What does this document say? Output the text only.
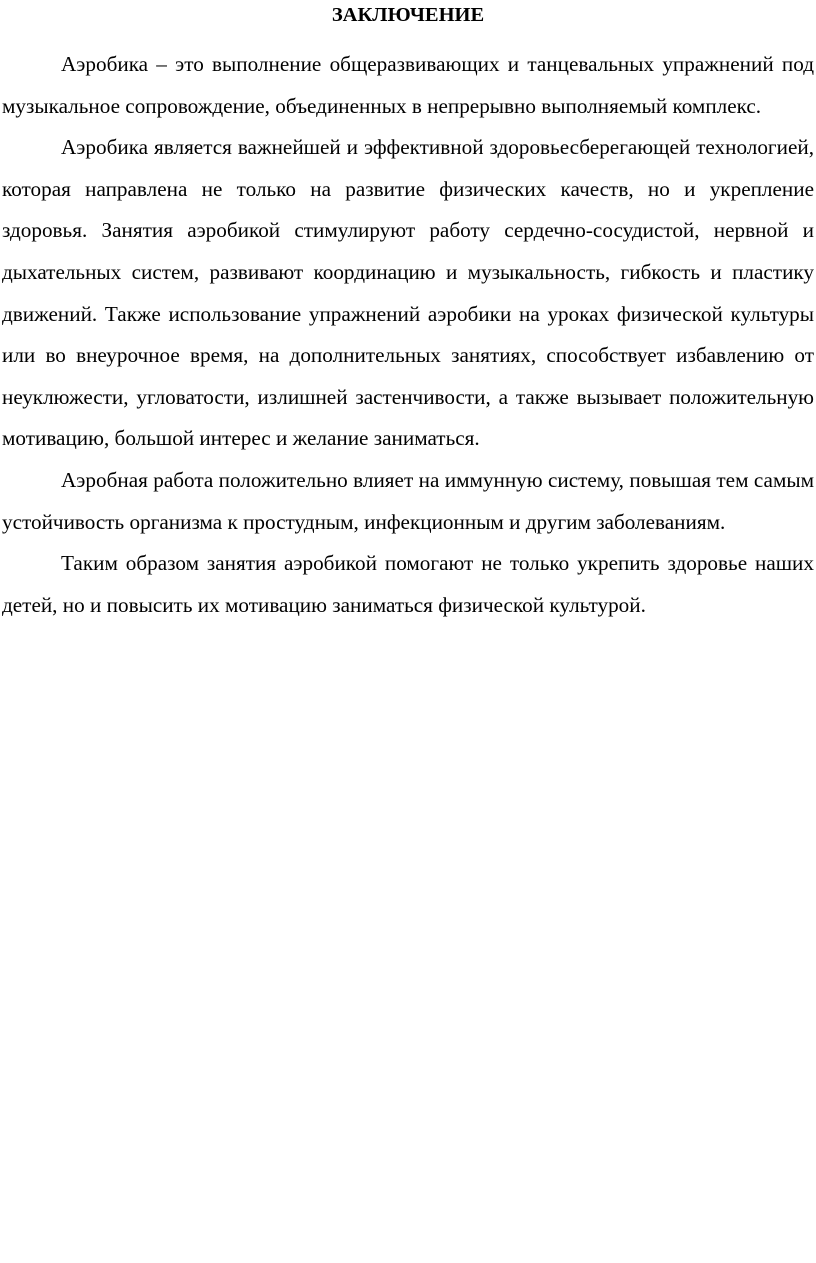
ЗАКЛЮЧЕНИЕ

Аэробика – это выполнение общеразвивающих и танцевальных упражнений под музыкальное сопровождение, объединенных в непрерывно выполняемый комплекс.

Аэробика является важнейшей и эффективной здоровьесберегающей технологией, которая направлена не только на развитие физических качеств, но и укрепление здоровья. Занятия аэробикой стимулируют работу сердечно-сосудистой, нервной и дыхательных систем, развивают координацию и музыкальность, гибкость и пластику движений. Также использование упражнений аэробики на уроках физической культуры или во внеурочное время, на дополнительных занятиях, способствует избавлению от неуклюжести, угловатости, излишней застенчивости, а также вызывает положительную мотивацию, большой интерес и желание заниматься.

Аэробная работа положительно влияет на иммунную систему, повышая тем самым устойчивость организма к простудным, инфекционным и другим заболеваниям.

Таким образом занятия аэробикой помогают не только укрепить здоровье наших детей, но и повысить их мотивацию заниматься физической культурой.
